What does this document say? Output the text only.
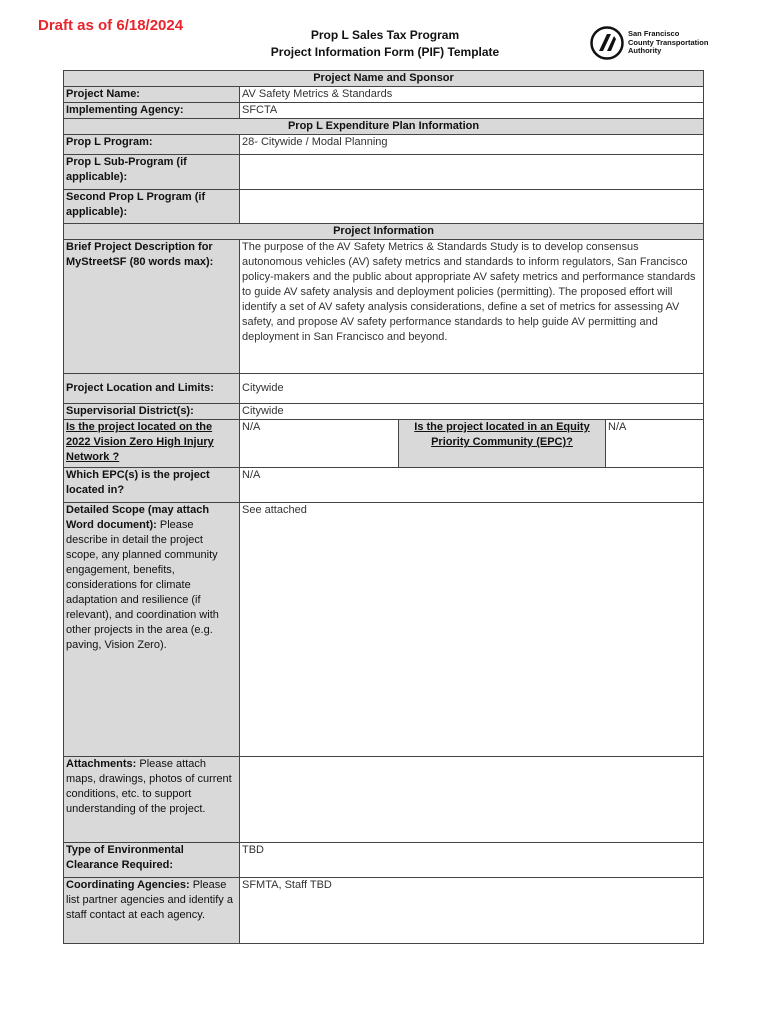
Draft as of 6/18/2024
Prop L Sales Tax Program
Project Information Form (PIF) Template
San Francisco
County Transportation
Authority
Project Name and Sponsor			
Project Name:	AV Safety Metrics & Standards		
Implementing Agency:	SFCTA		
Prop L Expenditure Plan Information			
Prop L Program:	28- Citywide / Modal Planning		
Prop L Sub-Program (if applicable):			
Second Prop L Program (if applicable):			
Project Information			
Brief Project Description for MyStreetSF (80 words max):	The purpose of the AV Safety Metrics & Standards Study is to develop consensus autonomous vehicles (AV) safety metrics and standards to inform regulators, San Francisco policy-makers and the public about appropriate AV safety metrics and performance standards to guide AV safety analysis and deployment policies (permitting). The proposed effort will identify a set of AV safety analysis considerations, define a set of metrics for assessing AV safety, and propose AV safety performance standards to help guide AV permitting and deployment in San Francisco and beyond.		
Project Location and Limits:	Citywide		
Supervisorial District(s):	Citywide		
Is the project located on the 2022 Vision Zero High Injury Network ?	N/A	Is the project located in an Equity Priority Community (EPC)?	N/A
Which EPC(s) is the project located in?	N/A		
Detailed Scope (may attach Word document): Please describe in detail the project scope, any planned community engagement, benefits, considerations for climate adaptation and resilience (if relevant), and coordination with other projects in the area (e.g. paving, Vision Zero).	See attached		
Attachments: Please attach maps, drawings, photos of current conditions, etc. to support understanding of the project.			
Type of Environmental Clearance Required:	TBD		
Coordinating Agencies: Please list partner agencies and identify a staff contact at each agency.	SFMTA, Staff TBD		
